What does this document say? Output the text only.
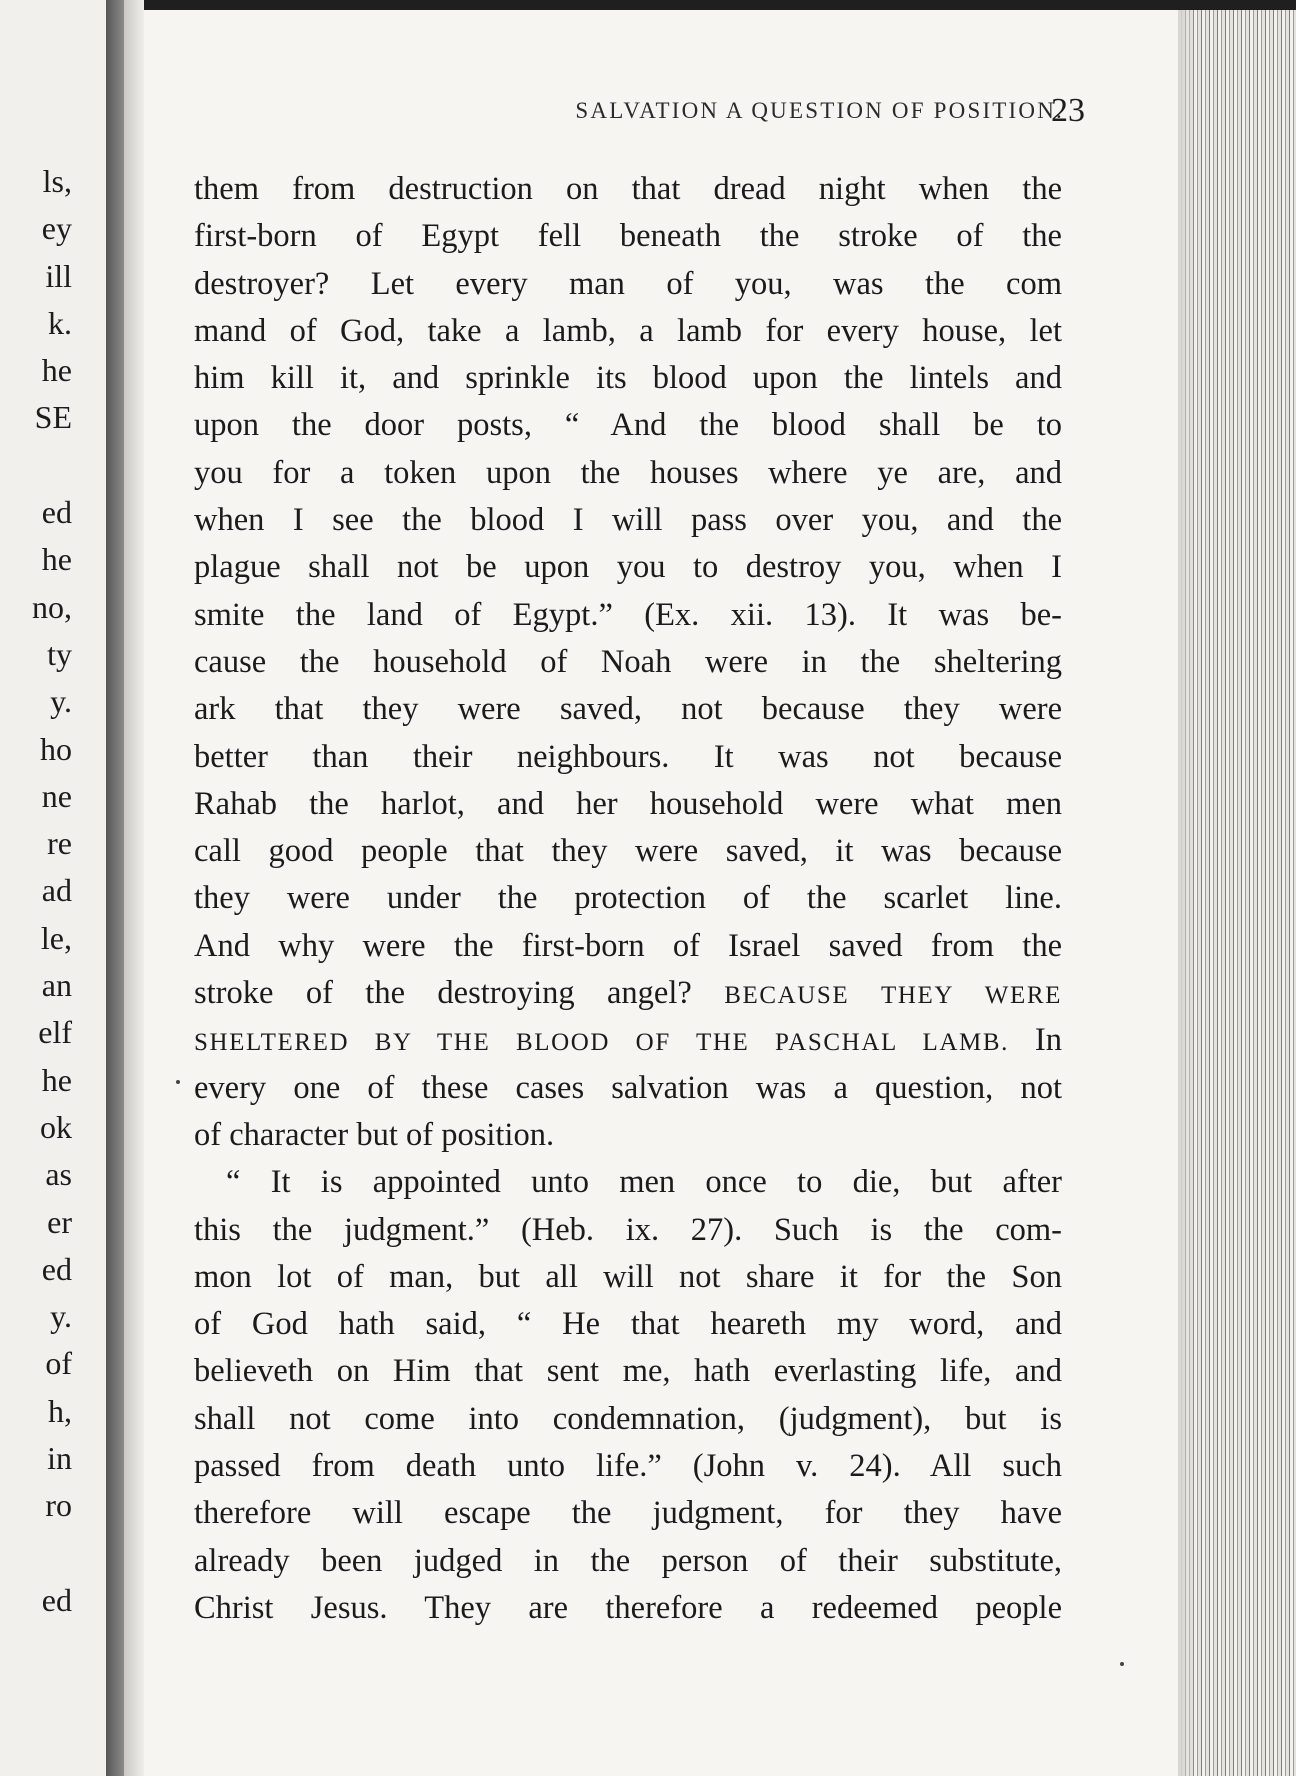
ls,
ey
ill
k.
he
SE
ed
he
no,
ty
y.
ho
ne
re
ad
le,
an
elf
he
ok
as
er
ed
y.
of
h,
in
ro
ed
SALVATION A QUESTION OF POSITION.
23
them from destruction on that dread night when the
first-born of Egypt fell beneath the stroke of the
destroyer? Let every man of you, was the com
mand of God, take a lamb, a lamb for every house, let
him kill it, and sprinkle its blood upon the lintels and
upon the door posts, “ And the blood shall be to
you for a token upon the houses where ye are, and
when I see the blood I will pass over you, and the
plague shall not be upon you to destroy you, when I
smite the land of Egypt.” (Ex. xii. 13). It was be-
cause the household of Noah were in the sheltering
ark that they were saved, not because they were
better than their neighbours. It was not because
Rahab the harlot, and her household were what men
call good people that they were saved, it was because
they were under the protection of the scarlet line.
And why were the first-born of Israel saved from the
stroke of the destroying angel? BECAUSE THEY WERE
SHELTERED BY THE BLOOD OF THE PASCHAL LAMB. In
every one of these cases salvation was a question, not
of character but of position.
“ It is appointed unto men once to die, but after
this the judgment.” (Heb. ix. 27). Such is the com-
mon lot of man, but all will not share it for the Son
of God hath said, “ He that heareth my word, and
believeth on Him that sent me, hath everlasting life, and
shall not come into condemnation, (judgment), but is
passed from death unto life.” (John v. 24). All such
therefore will escape the judgment, for they have
already been judged in the person of their substitute,
Christ Jesus. They are therefore a redeemed people
